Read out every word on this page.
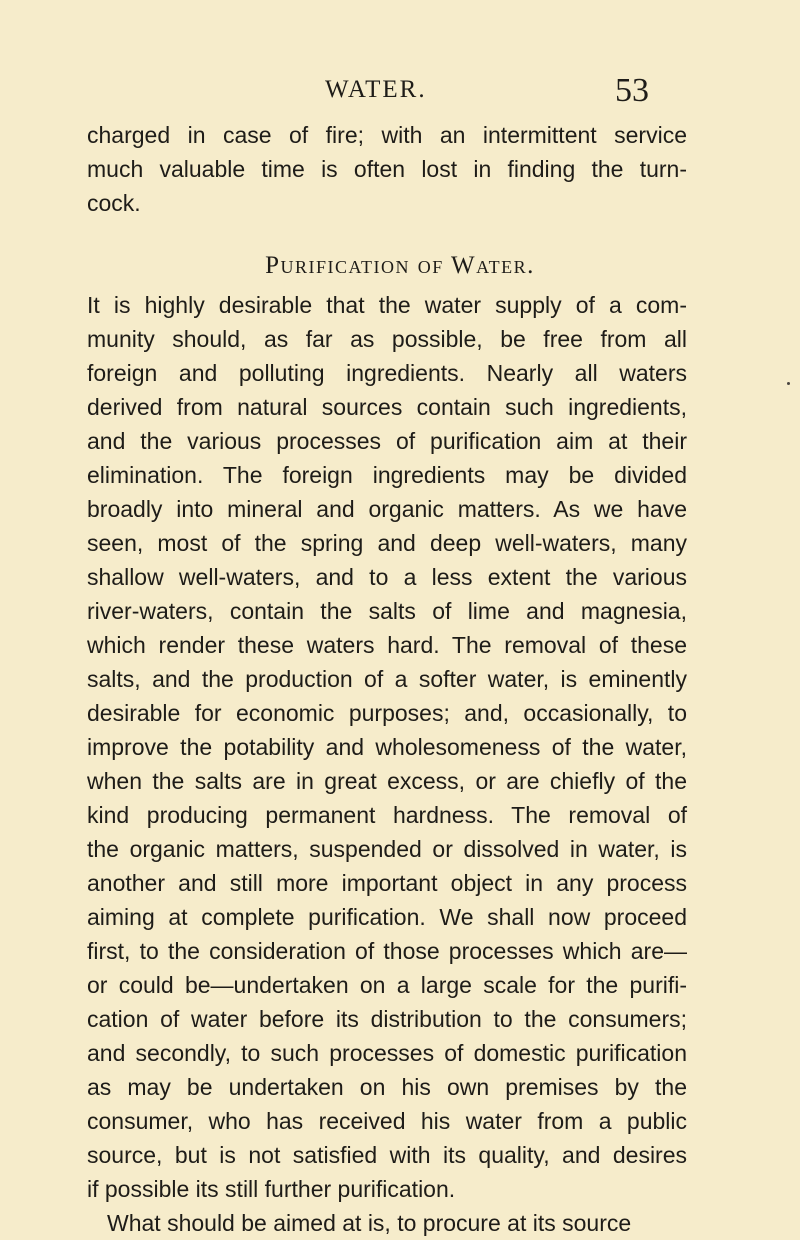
WATER.	53
charged in case of fire; with an intermittent service
much valuable time is often lost in finding the turn-
cock.
Purification of Water.
It is highly desirable that the water supply of a com-
munity should, as far as possible, be free from all
foreign and polluting ingredients. Nearly all waters
derived from natural sources contain such ingredients,
and the various processes of purification aim at their
elimination. The foreign ingredients may be divided
broadly into mineral and organic matters. As we have
seen, most of the spring and deep well-waters, many
shallow well-waters, and to a less extent the various
river-waters, contain the salts of lime and magnesia,
which render these waters hard. The removal of these
salts, and the production of a softer water, is eminently
desirable for economic purposes; and, occasionally, to
improve the potability and wholesomeness of the water,
when the salts are in great excess, or are chiefly of the
kind producing permanent hardness. The removal of
the organic matters, suspended or dissolved in water, is
another and still more important object in any process
aiming at complete purification. We shall now proceed
first, to the consideration of those processes which are—
or could be—undertaken on a large scale for the purifi-
cation of water before its distribution to the consumers;
and secondly, to such processes of domestic purification
as may be undertaken on his own premises by the
consumer, who has received his water from a public
source, but is not satisfied with its quality, and desires
if possible its still further purification.
What should be aimed at is, to procure at its source
